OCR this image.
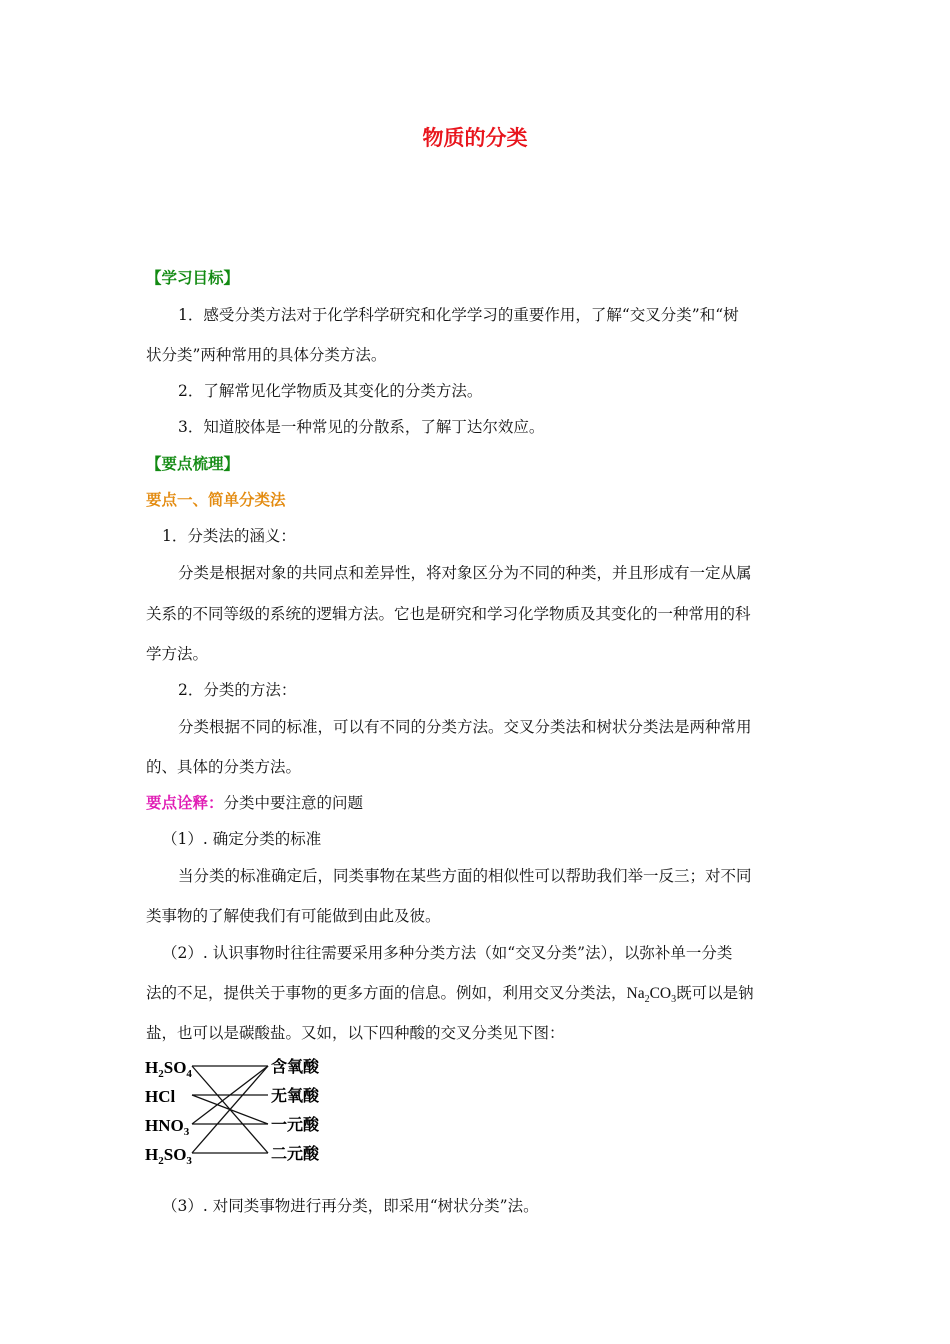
物质的分类
【学习目标】
1．感受分类方法对于化学科学研究和化学学习的重要作用，了解“交叉分类”和“树
状分类”两种常用的具体分类方法。
2．了解常见化学物质及其变化的分类方法。
3．知道胶体是一种常见的分散系，了解丁达尔效应。
【要点梳理】
要点一、简单分类法
1．分类法的涵义：
分类是根据对象的共同点和差异性，将对象区分为不同的种类，并且形成有一定从属
关系的不同等级的系统的逻辑方法。它也是研究和学习化学物质及其变化的一种常用的科
学方法。
2．分类的方法：
分类根据不同的标准，可以有不同的分类方法。交叉分类法和树状分类法是两种常用
的、具体的分类方法。
要点诠释：分类中要注意的问题
（1）. 确定分类的标准
当分类的标准确定后，同类事物在某些方面的相似性可以帮助我们举一反三；对不同
类事物的了解使我们有可能做到由此及彼。
（2）. 认识事物时往往需要采用多种分类方法（如“交叉分类”法），以弥补单一分类
法的不足，提供关于事物的更多方面的信息。例如，利用交叉分类法，$Na_2CO_3$既可以是钠
盐，也可以是碳酸盐。又如，以下四种酸的交叉分类见下图：
$H_2SO_4$
HCl
$HNO_3$
$H_2SO_3$
含氧酸
无氧酸
一元酸
二元酸
（3）. 对同类事物进行再分类，即采用“树状分类”法。
